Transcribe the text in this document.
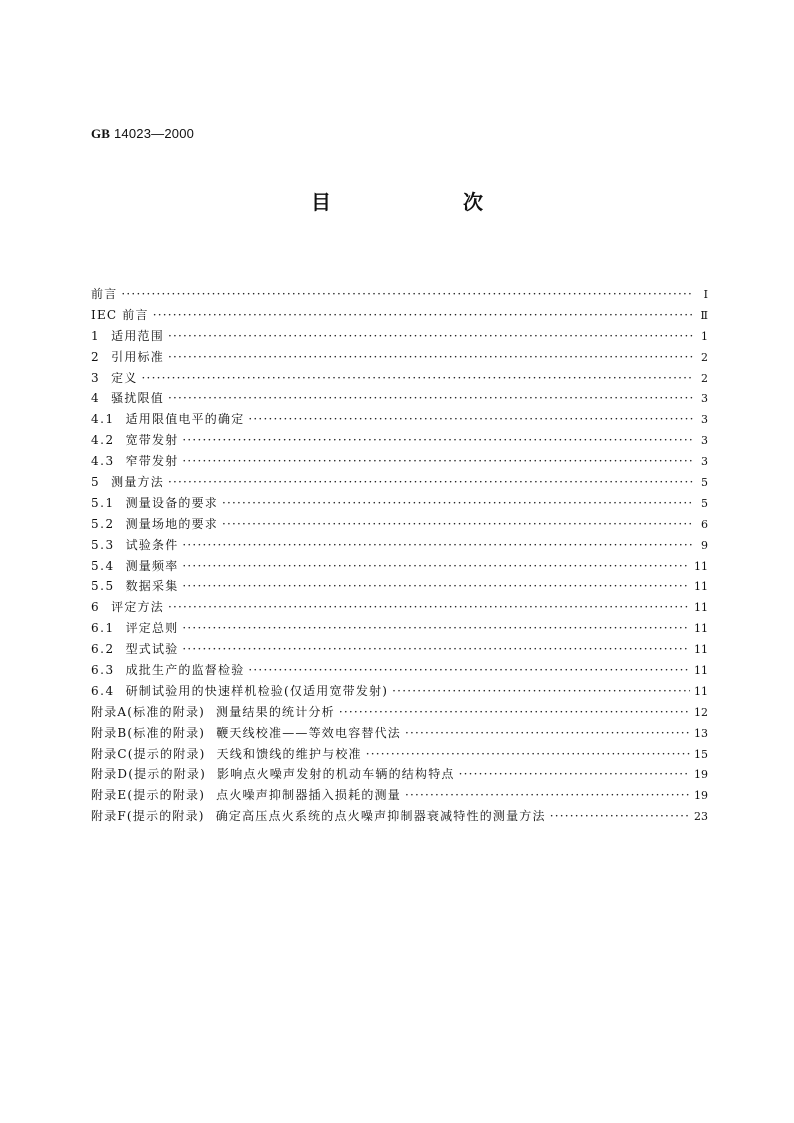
GB 14023—2000
目　次
前言 ·····	Ⅰ
IEC 前言 ·····	Ⅱ
1 适用范围 ·····	1
2 引用标准 ·····	2
3 定义 ·····	2
4 骚扰限值 ·····	3
4.1 适用限值电平的确定 ·····	3
4.2 宽带发射 ·····	3
4.3 窄带发射 ·····	3
5 测量方法 ·····	5
5.1 测量设备的要求 ·····	5
5.2 测量场地的要求 ·····	6
5.3 试验条件 ·····	9
5.4 测量频率 ·····	11
5.5 数据采集 ·····	11
6 评定方法 ·····	11
6.1 评定总则 ·····	11
6.2 型式试验 ·····	11
6.3 成批生产的监督检验 ·····	11
6.4 研制试验用的快速样机检验(仅适用宽带发射) ·····	11
附录A(标准的附录) 测量结果的统计分析 ·····	12
附录B(标准的附录) 鞭天线校准——等效电容替代法 ·····	13
附录C(提示的附录) 天线和馈线的维护与校准 ·····	15
附录D(提示的附录) 影响点火噪声发射的机动车辆的结构特点 ·····	19
附录E(提示的附录) 点火噪声抑制器插入损耗的测量 ·····	19
附录F(提示的附录) 确定高压点火系统的点火噪声抑制器衰减特性的测量方法 ·····	23
